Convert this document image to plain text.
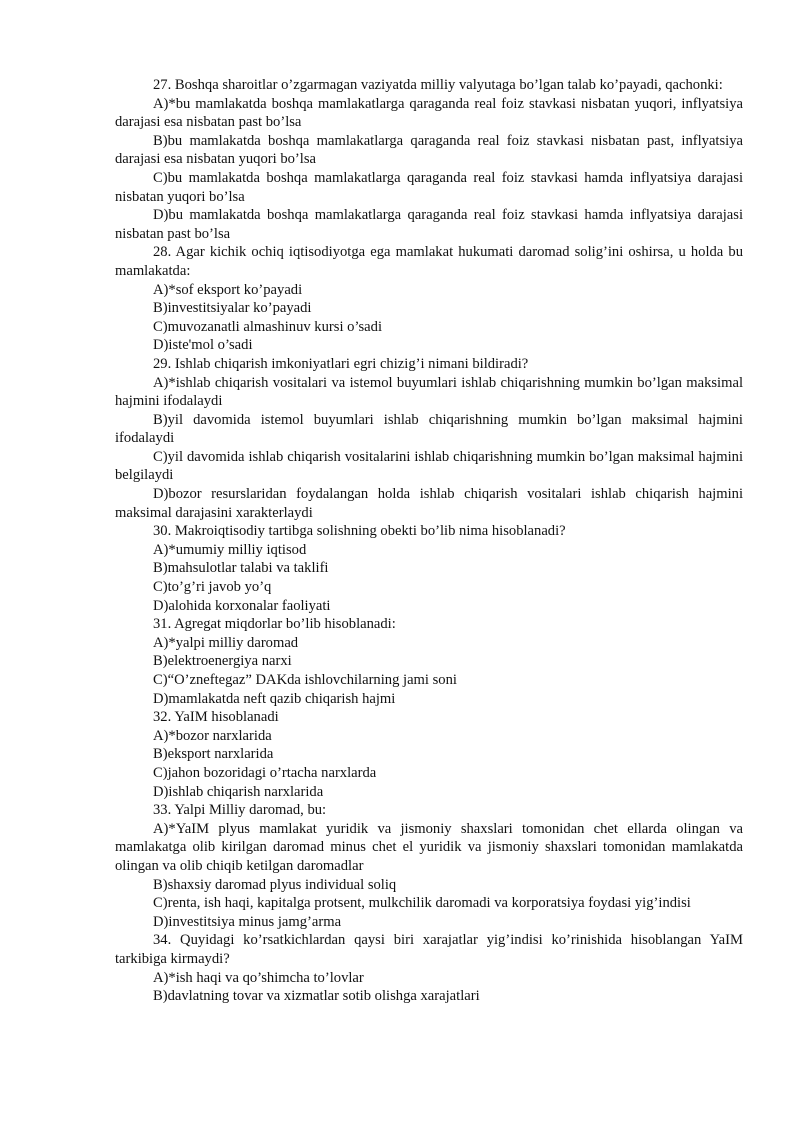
27. Boshqa sharoitlar o’zgarmagan vaziyatda milliy valyutaga bo’lgan talab ko’payadi, qachonki:

A)*bu mamlakatda boshqa mamlakatlarga qaraganda real foiz stavkasi nisbatan yuqori, inflyatsiya darajasi esa nisbatan past bo’lsa

B)bu mamlakatda boshqa mamlakatlarga qaraganda real foiz stavkasi nisbatan past, inflyatsiya darajasi esa nisbatan yuqori bo’lsa

C)bu mamlakatda boshqa mamlakatlarga qaraganda real foiz stavkasi hamda inflyatsiya darajasi nisbatan yuqori bo’lsa

D)bu mamlakatda boshqa mamlakatlarga qaraganda real foiz stavkasi hamda inflyatsiya darajasi nisbatan past bo’lsa

28. Agar kichik ochiq iqtisodiyotga ega mamlakat hukumati daromad solig’ini oshirsa, u holda bu mamlakatda:

A)*sof eksport ko’payadi

B)investitsiyalar ko’payadi

C)muvozanatli almashinuv kursi o’sadi

D)iste'mol o’sadi

29. Ishlab chiqarish imkoniyatlari egri chizig’i nimani bildiradi?

A)*ishlab chiqarish vositalari va istemol buyumlari ishlab chiqarishning mumkin bo’lgan maksimal hajmini ifodalaydi

B)yil davomida istemol buyumlari ishlab chiqarishning mumkin bo’lgan maksimal hajmini ifodalaydi

C)yil davomida ishlab chiqarish vositalarini ishlab chiqarishning mumkin bo’lgan maksimal hajmini belgilaydi

D)bozor resurslaridan foydalangan holda ishlab chiqarish vositalari ishlab chiqarish hajmini maksimal darajasini xarakterlaydi

30. Makroiqtisodiy tartibga solishning obekti bo’lib nima hisoblanadi?

A)*umumiy milliy iqtisod

B)mahsulotlar talabi va taklifi

C)to’g’ri javob yo’q

D)alohida korxonalar faoliyati

31. Agregat miqdorlar bo’lib hisoblanadi:

A)*yalpi milliy daromad

B)elektroenergiya narxi

C)“O’zneftegaz” DAKda ishlovchilarning jami soni

D)mamlakatda neft qazib chiqarish hajmi

32. YaIM hisoblanadi

A)*bozor narxlarida

B)eksport narxlarida

C)jahon bozoridagi o’rtacha narxlarda

D)ishlab chiqarish narxlarida

33. Yalpi Milliy daromad, bu:

A)*YaIM plyus mamlakat yuridik va jismoniy shaxslari tomonidan chet ellarda olingan va mamlakatga olib kirilgan daromad minus chet el yuridik va jismoniy shaxslari tomonidan mamlakatda olingan va olib chiqib ketilgan daromadlar

B)shaxsiy daromad plyus individual soliq

C)renta, ish haqi, kapitalga protsent, mulkchilik daromadi va korporatsiya foydasi yig’indisi

D)investitsiya minus jamg’arma

34. Quyidagi ko’rsatkichlardan qaysi biri xarajatlar yig’indisi ko’rinishida hisoblangan YaIM tarkibiga kirmaydi?

A)*ish haqi va qo’shimcha to’lovlar

B)davlatning tovar va xizmatlar sotib olishga xarajatlari
